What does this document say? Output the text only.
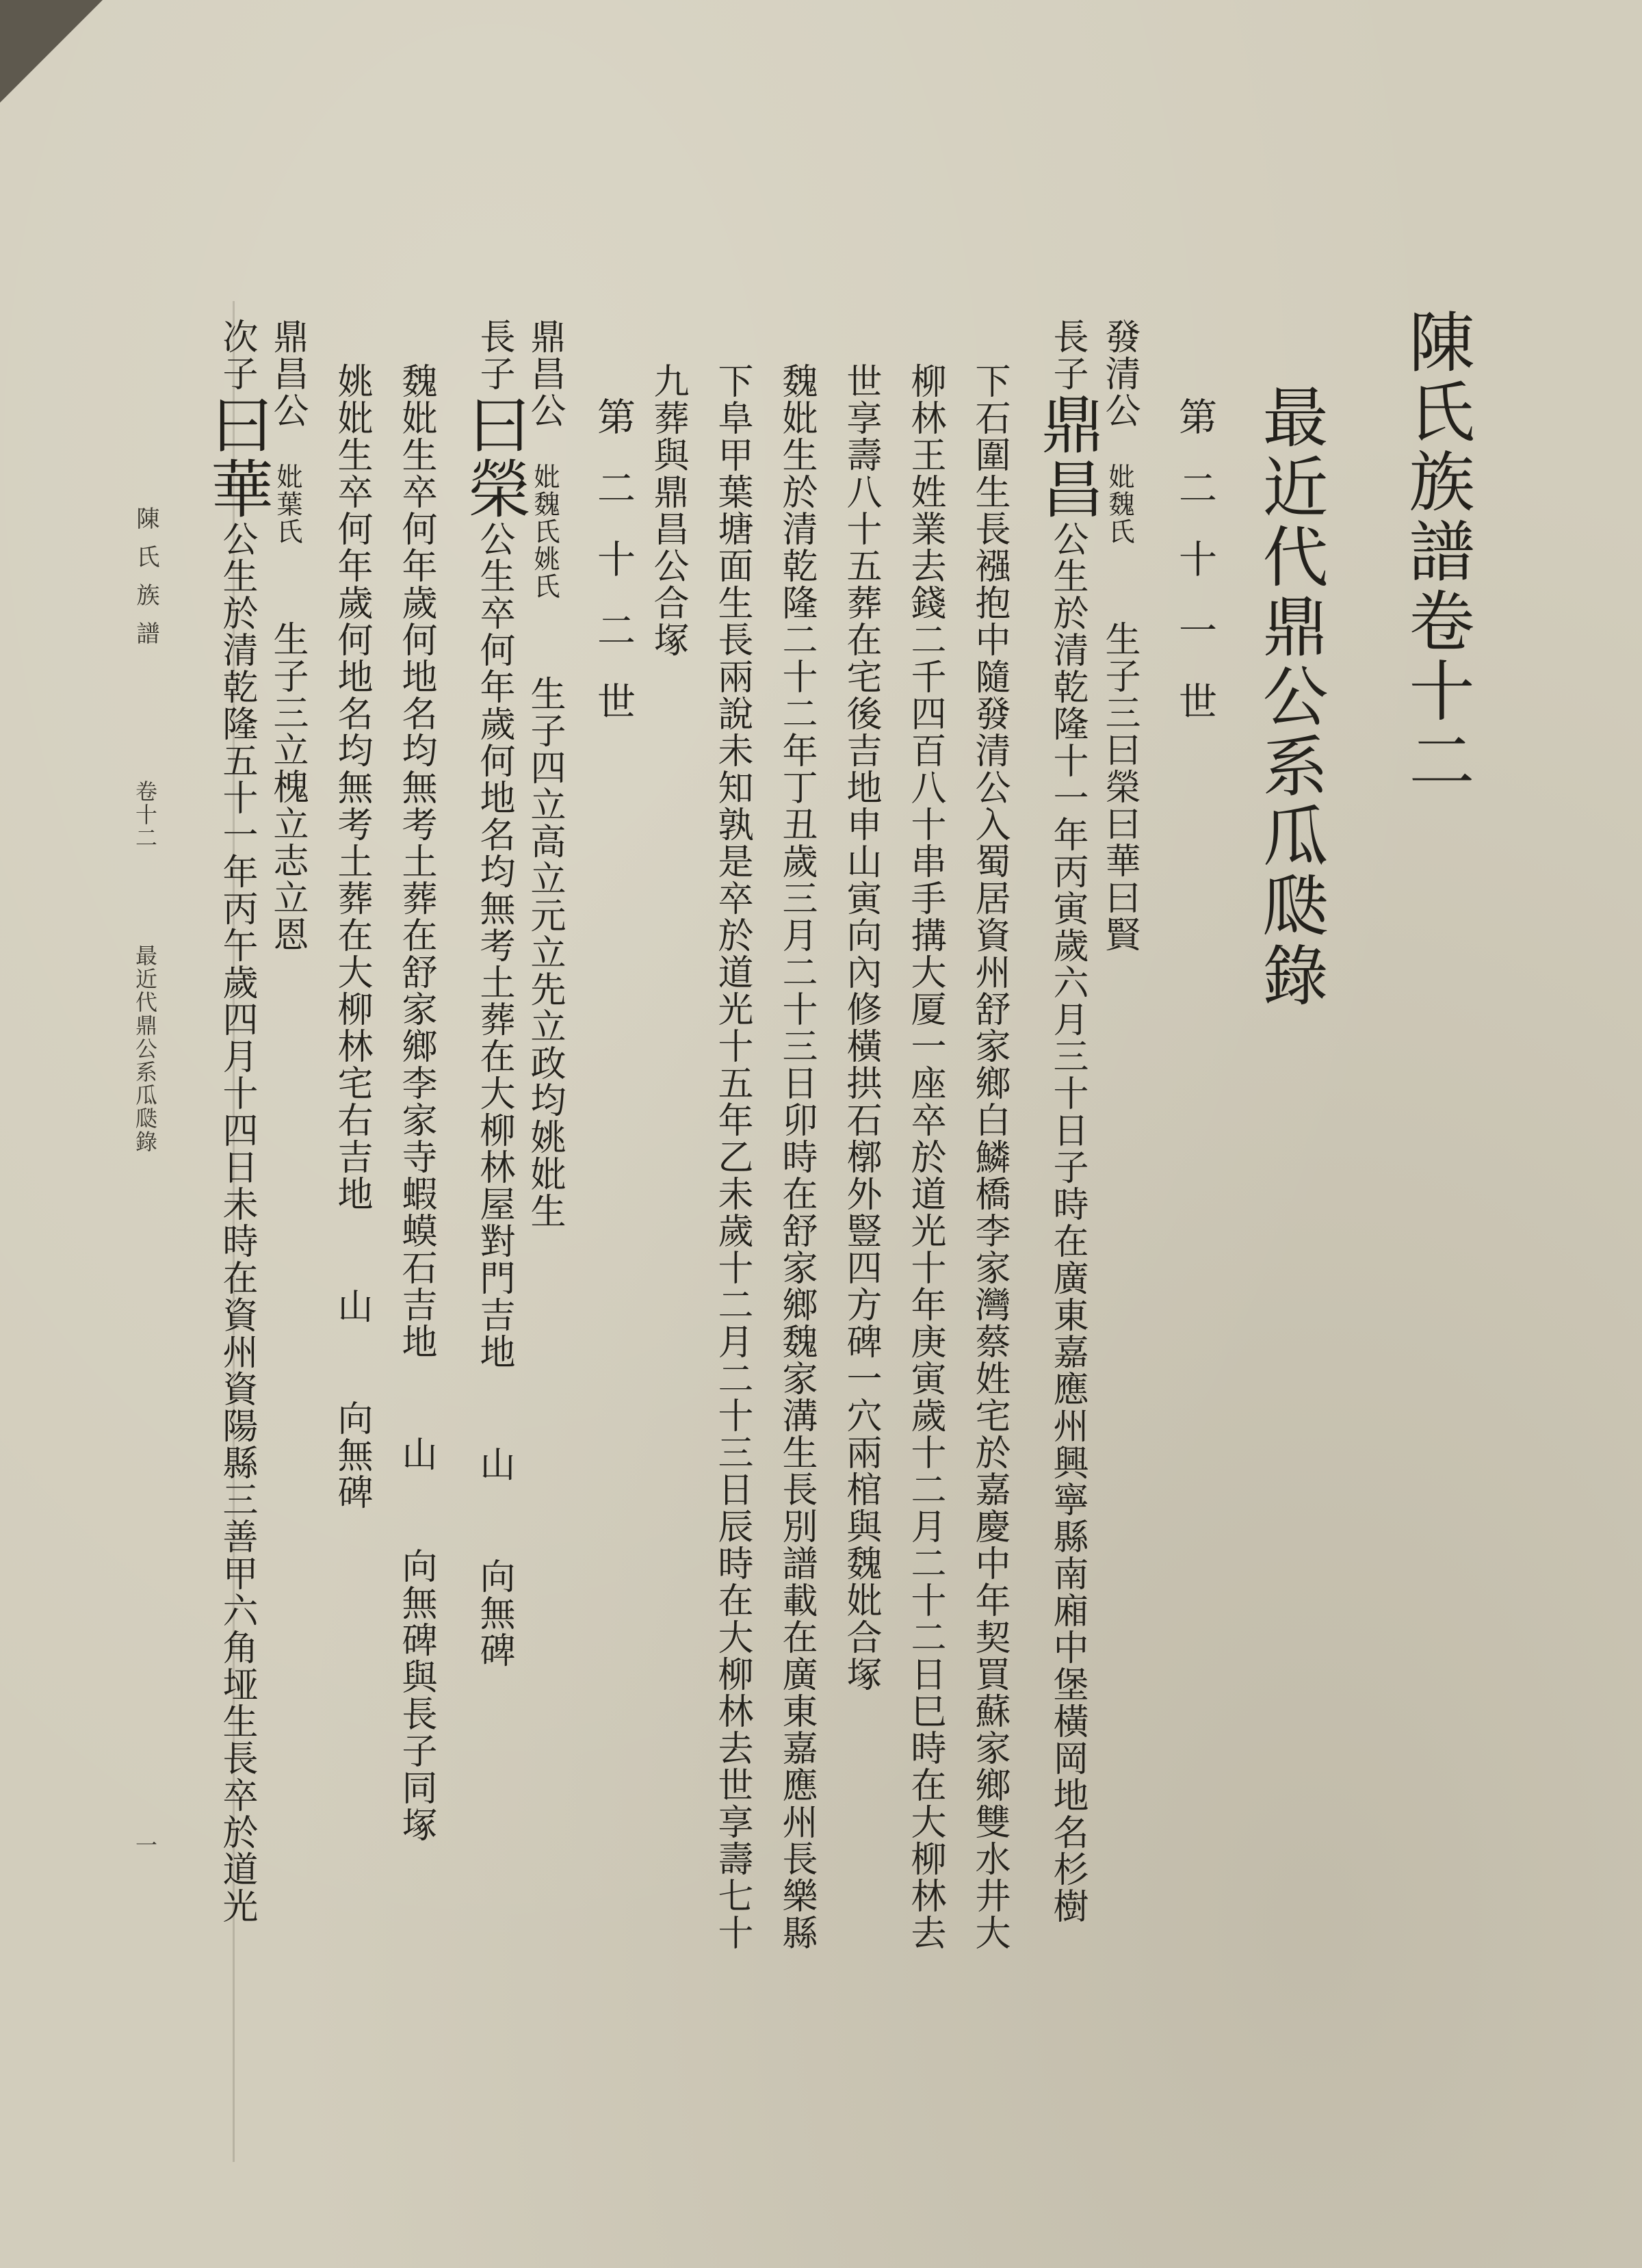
陳氏族譜卷十二
最近代鼎公系瓜瓞錄
第二十一世
發清公妣魏氏生子三曰榮曰華曰賢
長子鼎昌公生於清乾隆十一年丙寅歲六月三十日子時在廣東嘉應州興寧縣南廂中堡橫岡地名杉樹
下石圍生長襁抱中隨發清公入蜀居資州舒家鄉白鱗橋李家灣蔡姓宅於嘉慶中年契買蘇家鄉雙水井大
柳林王姓業去錢二千四百八十串手搆大厦一座卒於道光十年庚寅歲十二月二十二日巳時在大柳林去
世享壽八十五葬在宅後吉地申山寅向內修橫拱石槨外豎四方碑一穴兩棺與魏妣合塚
魏妣生於清乾隆二十二年丁丑歲三月二十三日卯時在舒家鄉魏家溝生長別譜載在廣東嘉應州長樂縣
下阜甲葉塘面生長兩說未知孰是卒於道光十五年乙未歲十二月二十三日辰時在大柳林去世享壽七十
九葬與鼎昌公合塚
第二十二世
鼎昌公妣魏氏姚氏生子四立高立元立先立政均姚妣生
長子曰榮公生卒何年歲何地名均無考土葬在大柳林屋對門吉地山向無碑
魏妣生卒何年歲何地名均無考土葬在舒家鄉李家寺蝦蟆石吉地山向無碑與長子同塚
姚妣生卒何年歲何地名均無考土葬在大柳林宅右吉地山向無碑
鼎昌公妣葉氏生子三立槐立志立恩
次子曰華公生於清乾隆五十一年丙午歲四月十四日未時在資州資陽縣三善甲六角垭生長卒於道光
陳氏族譜
卷十二
最近代鼎公系瓜瓞錄
一
